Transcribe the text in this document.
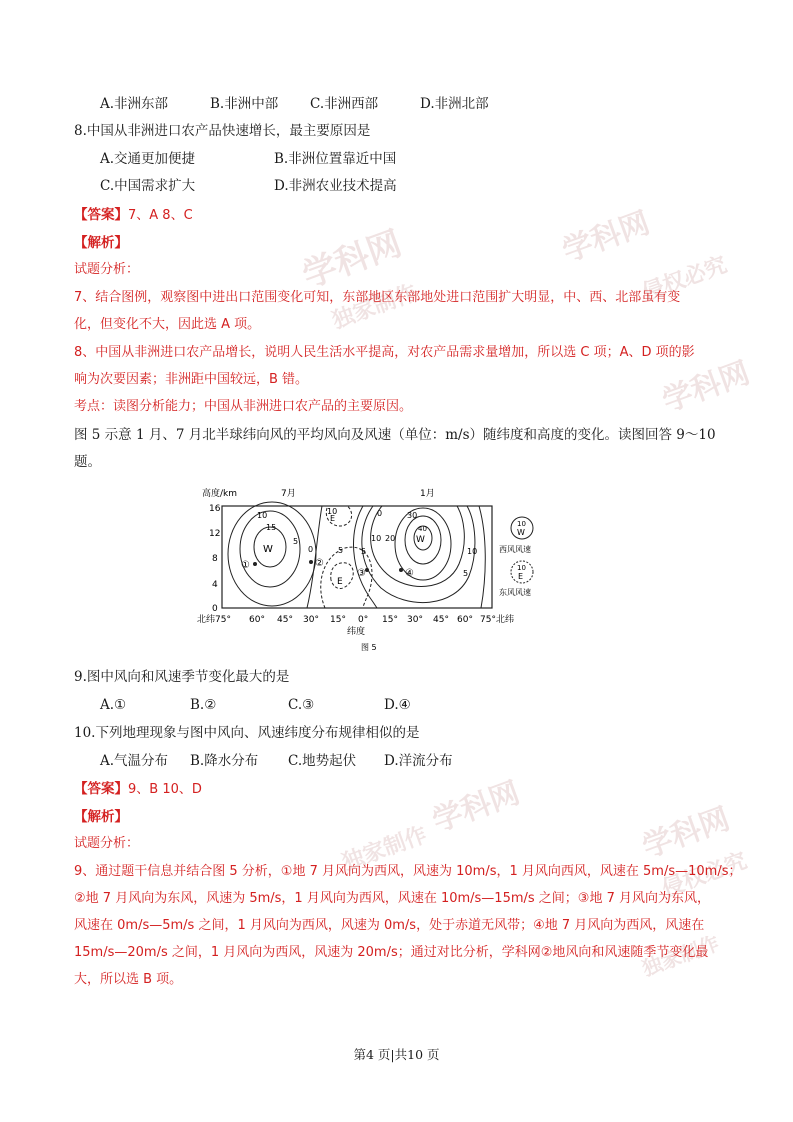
学科网
独家制作
学科网
侵权必究
学科网
学科网
独家制作	学科网
侵权必究
独家制作
A.非洲东部	B.非洲中部 C.非洲西部	D.非洲北部
8.中国从非洲进口农产品快速增长，最主要原因是
A.交通更加便捷	B.非洲位置靠近中国
C.中国需求扩大	D.非洲农业技术提高
【答案】7、A 8、C
【解析】
试题分析：
7、结合图例，观察图中进出口范围变化可知，东部地区东部地处进口范围扩大明显，中、西、北部虽有变
化，但变化不大，因此选 A 项。
8、中国从非洲进口农产品增长，说明人民生活水平提高，对农产品需求量增加，所以选 C 项；A、D 项的影
响为次要因素；非洲距中国较远，B 错。
考点：读图分析能力；中国从非洲进口农产品的主要原因。
图 5 示意 1 月、7 月北半球纬向风的平均风向及风速（单位：m/s）随纬度和高度的变化。读图回答 9～10
题。
高度/km	7月	1月
16
12
8
4
0
W
W
E
E
10
15
5
0
10
5
30
40
20
10
5
0
5
10
①	②
③	④
北纬75° 60° 45° 30° 15° 0° 15° 30° 45° 60° 75°北纬
纬度
图 5
10
W
西风风速
10
E
东风风速
9.图中风向和风速季节变化最大的是
A.①	B.②	C.③	D.④
10.下列地理现象与图中风向、风速纬度分布规律相似的是
A.气温分布 B.降水分布 C.地势起伏 D.洋流分布
【答案】9、B 10、D
【解析】
试题分析：
9、通过题干信息并结合图 5 分析，①地 7 月风向为西风，风速为 10m/s，1 月风向西风，风速在 5m/s—10m/s；
②地 7 月风向为东风，风速为 5m/s，1 月风向为西风，风速在 10m/s—15m/s 之间；③地 7 月风向为东风，
风速在 0m/s—5m/s 之间，1 月风向为西风，风速为 0m/s，处于赤道无风带；④地 7 月风向为西风，风速在
15m/s—20m/s 之间，1 月风向为西风，风速为 20m/s；通过对比分析，学科网②地风向和风速随季节变化最
大，所以选 B 项。
第4 页|共10 页
